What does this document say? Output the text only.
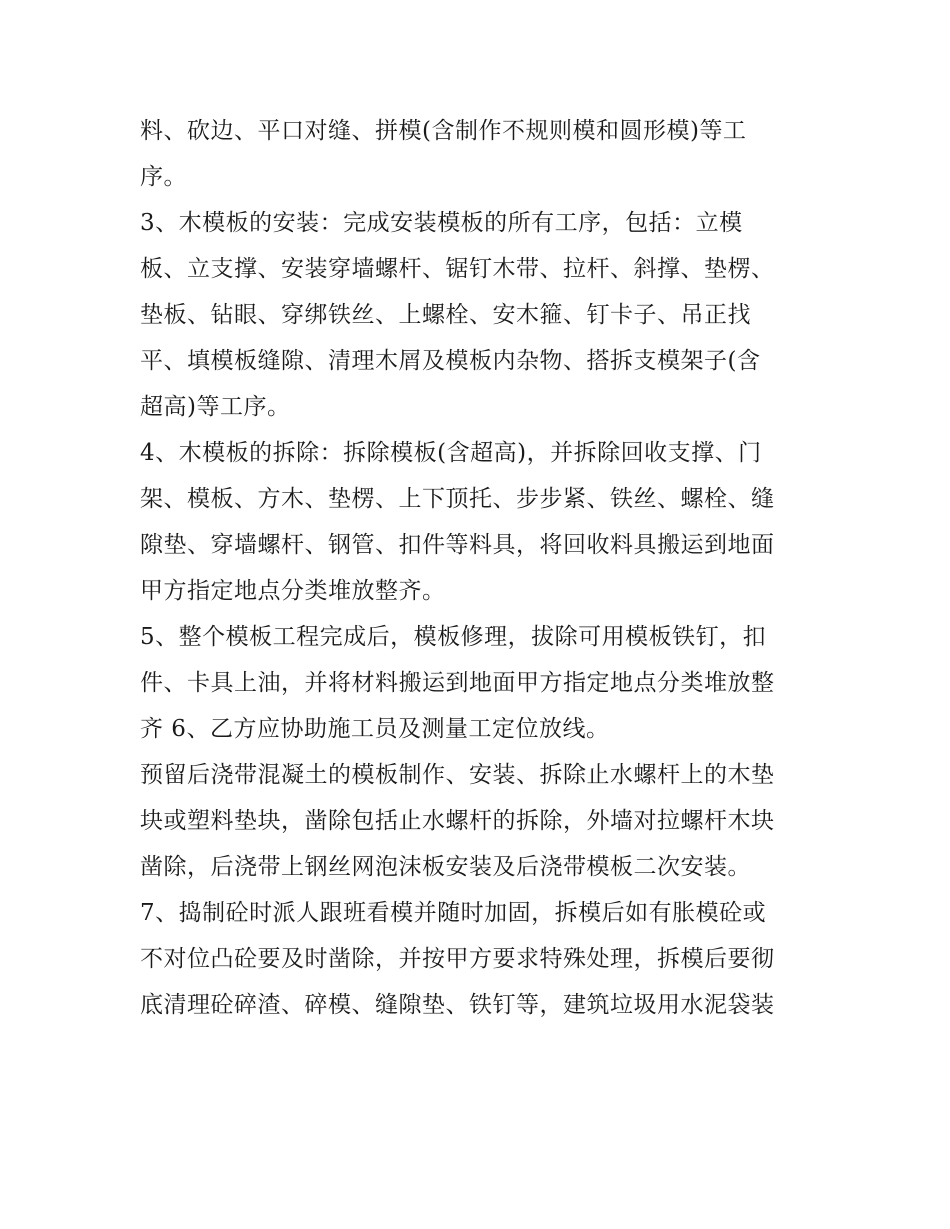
料、砍边、平口对缝、拼模(含制作不规则模和圆形模)等工
序。
3、木模板的安装：完成安装模板的所有工序，包括：立模
板、立支撑、安装穿墙螺杆、锯钉木带、拉杆、斜撑、垫楞、
垫板、钻眼、穿绑铁丝、上螺栓、安木箍、钉卡子、吊正找
平、填模板缝隙、清理木屑及模板内杂物、搭拆支模架子(含
超高)等工序。
4、木模板的拆除：拆除模板(含超高)，并拆除回收支撑、门
架、模板、方木、垫楞、上下顶托、步步紧、铁丝、螺栓、缝
隙垫、穿墙螺杆、钢管、扣件等料具，将回收料具搬运到地面
甲方指定地点分类堆放整齐。
5、整个模板工程完成后，模板修理，拔除可用模板铁钉，扣
件、卡具上油，并将材料搬运到地面甲方指定地点分类堆放整
齐 6、乙方应协助施工员及测量工定位放线。
预留后浇带混凝土的模板制作、安装、拆除止水螺杆上的木垫
块或塑料垫块，凿除包括止水螺杆的拆除，外墙对拉螺杆木块
凿除，后浇带上钢丝网泡沫板安装及后浇带模板二次安装。
7、捣制砼时派人跟班看模并随时加固，拆模后如有胀模砼或
不对位凸砼要及时凿除，并按甲方要求特殊处理，拆模后要彻
底清理砼碎渣、碎模、缝隙垫、铁钉等，建筑垃圾用水泥袋装
